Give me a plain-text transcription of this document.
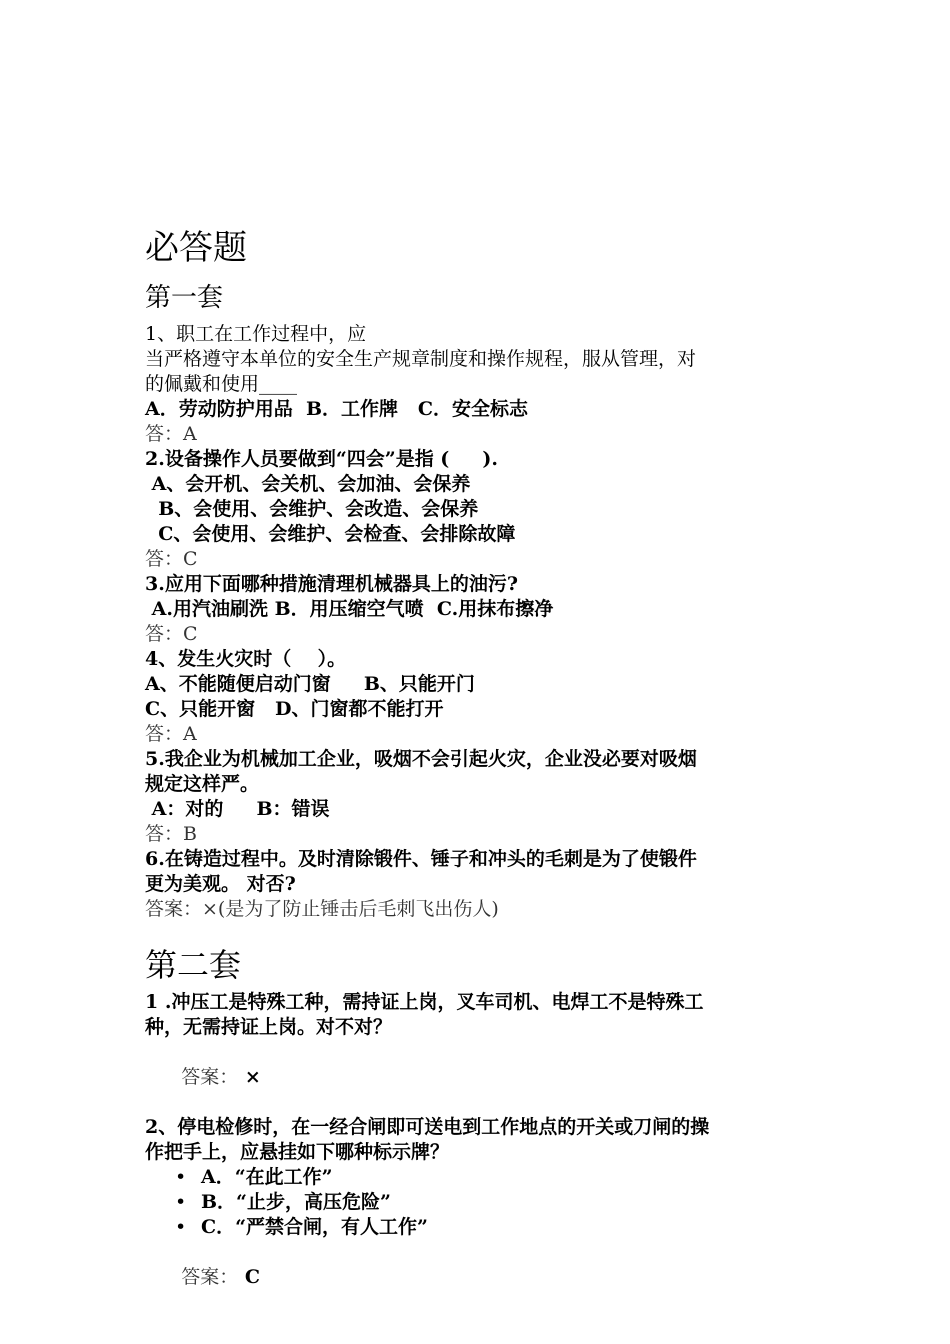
必答题
第一套
1、职工在工作过程中，应
当严格遵守本单位的安全生产规章制度和操作规程，服从管理，对
的佩戴和使用____
A．劳动防护用品  B．工作牌   C．安全标志
答：A
2.设备操作人员要做到“四会”是指 (     ).
A、会开机、会关机、会加油、会保养
B、会使用、会维护、会改造、会保养
C、会使用、会维护、会检查、会排除故障
答：C
3.应用下面哪种措施清理机械器具上的油污?
A.用汽油刷洗 B．用压缩空气喷  C.用抹布擦净
答：C
4、发生火灾时（    ）。
A、不能随便启动门窗     B、只能开门
C、只能开窗   D、门窗都不能打开
答：A
5.我企业为机械加工企业，吸烟不会引起火灾，企业没必要对吸烟
规定这样严。
A：对的     B：错误
答：B
6.在铸造过程中。及时清除锻件、锤子和冲头的毛刺是为了使锻件
更为美观。 对否?
答案：×(是为了防止锤击后毛刺飞出伤人)
第二套
1 .冲压工是特殊工种，需持证上岗，叉车司机、电焊工不是特殊工
种，无需持证上岗。对不对？

答案： ×

2、停电检修时，在一经合闸即可送电到工作地点的开关或刀闸的操
作把手上，应悬挂如下哪种标示牌？
• A．“在此工作”
• B．“止步，高压危险”
• C．“严禁合闸，有人工作”

答案： C
